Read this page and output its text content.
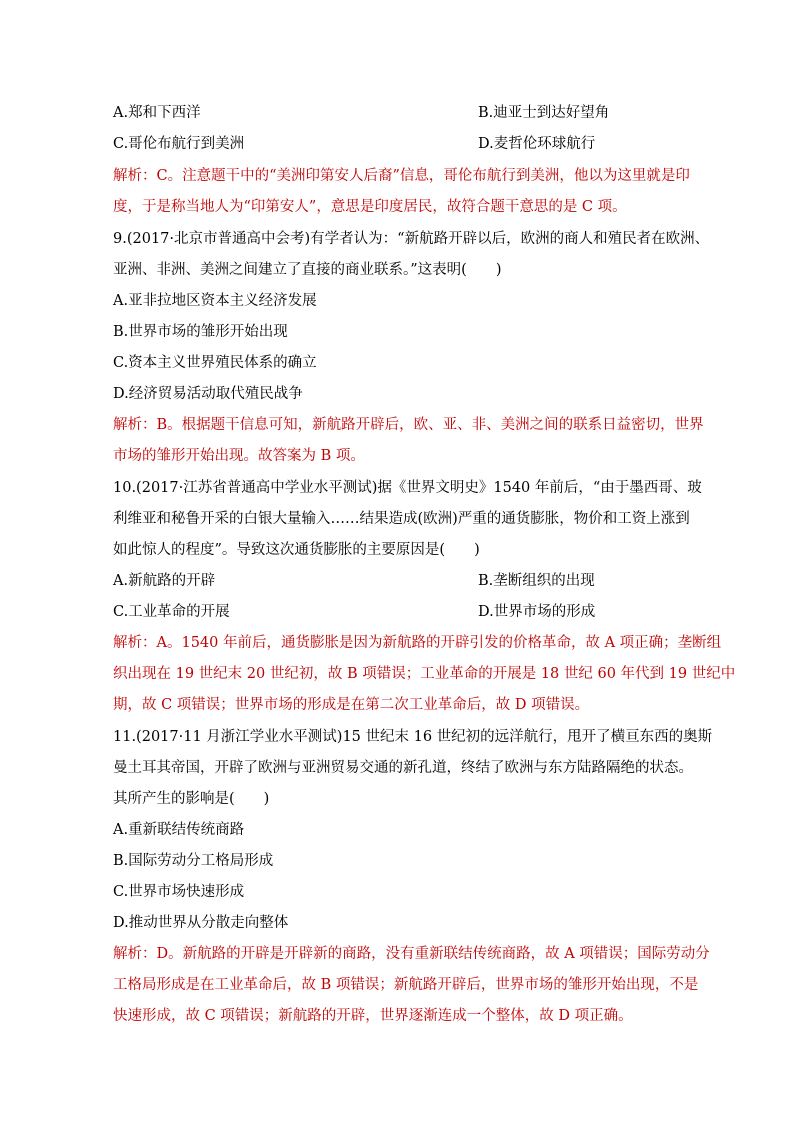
A.郑和下西洋	B.迪亚士到达好望角
C.哥伦布航行到美洲	D.麦哲伦环球航行
解析：C。注意题干中的“美洲印第安人后裔”信息，哥伦布航行到美洲，他以为这里就是印
度，于是称当地人为“印第安人”，意思是印度居民，故符合题干意思的是 C 项。
9.(2017·北京市普通高中会考)有学者认为：“新航路开辟以后，欧洲的商人和殖民者在欧洲、
亚洲、非洲、美洲之间建立了直接的商业联系。”这表明(　　)
A.亚非拉地区资本主义经济发展
B.世界市场的雏形开始出现
C.资本主义世界殖民体系的确立
D.经济贸易活动取代殖民战争
解析：B。根据题干信息可知，新航路开辟后，欧、亚、非、美洲之间的联系日益密切，世界
市场的雏形开始出现。故答案为 B 项。
10.(2017·江苏省普通高中学业水平测试)据《世界文明史》1540 年前后，“由于墨西哥、玻
利维亚和秘鲁开采的白银大量输入……结果造成(欧洲)严重的通货膨胀，物价和工资上涨到
如此惊人的程度”。导致这次通货膨胀的主要原因是(　　)
A.新航路的开辟	B.垄断组织的出现
C.工业革命的开展	D.世界市场的形成
解析：A。1540 年前后，通货膨胀是因为新航路的开辟引发的价格革命，故 A 项正确；垄断组
织出现在 19 世纪末 20 世纪初，故 B 项错误；工业革命的开展是 18 世纪 60 年代到 19 世纪中
期，故 C 项错误；世界市场的形成是在第二次工业革命后，故 D 项错误。
11.(2017·11 月浙江学业水平测试)15 世纪末 16 世纪初的远洋航行，甩开了横亘东西的奥斯
曼土耳其帝国，开辟了欧洲与亚洲贸易交通的新孔道，终结了欧洲与东方陆路隔绝的状态。
其所产生的影响是(　　)
A.重新联结传统商路
B.国际劳动分工格局形成
C.世界市场快速形成
D.推动世界从分散走向整体
解析：D。新航路的开辟是开辟新的商路，没有重新联结传统商路，故 A 项错误；国际劳动分
工格局形成是在工业革命后，故 B 项错误；新航路开辟后，世界市场的雏形开始出现，不是
快速形成，故 C 项错误；新航路的开辟，世界逐渐连成一个整体，故 D 项正确。
